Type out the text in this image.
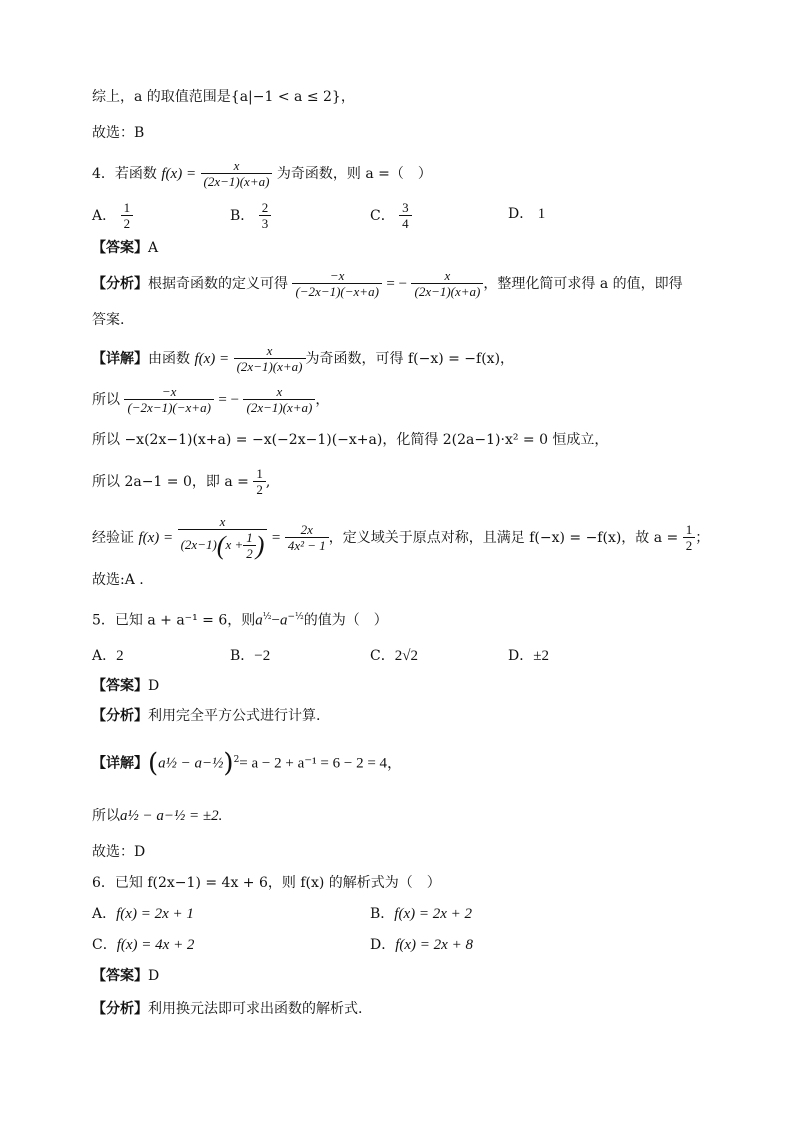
综上，a 的取值范围是{a|−1 < a ≤ 2}，
故选：B
4．若函数 $f(x) = \frac{x}{(2x-1)(x+a)}$ 为奇函数，则 a =（　）
A． $\frac{1}{2}$	B． $\frac{2}{3}$	C． $\frac{3}{4}$	D． 1
【答案】A
【分析】根据奇函数的定义可得 $\frac{-x}{(-2x-1)(-x+a)}$ = − $\frac{x}{(2x-1)(x+a)}$ ，整理化简可求得 a 的值，即得
答案.
【详解】由函数 $f(x) = \frac{x}{(2x-1)(x+a)}$ 为奇函数，可得 f(−x) = −f(x)，
所以 $\frac{-x}{(-2x-1)(-x+a)}$ = − $\frac{x}{(2x-1)(x+a)}$ ，
所以 −x(2x−1)(x+a) = −x(−2x−1)(−x+a)，化简得 2(2a−1)·x² = 0 恒成立，
所以 2a−1 = 0，即 $a = \frac{1}{2}$ ,
经验证 $f(x) = \frac{x}{(2x-1)(x + \frac{1}{2} )} = \frac{2x}{\text{4x² − 1}}$ ，定义域关于原点对称，且满足 f(−x) = −f(x)，故 $a = \frac{1}{2}$ ；
故选:A .
5．已知 a + a⁻¹ = 6，则$a^{\frac{1}{2}}-a^{-\frac{1}{2}}$的值为（　）
A．2	B．−2	C．2√2	D．±2
【答案】D
【分析】利用完全平方公式进行计算.
【详解】(a½ − a−½)$^2$= a − 2 + a⁻¹ = 6 − 2 = 4，
所以a½ − a−½ = ±2.
故选：D
6．已知 f(2x−1) = 4x + 6，则 f(x) 的解析式为（　）
A．f(x) = 2x + 1	B．f(x) = 2x + 2
C．f(x) = 4x + 2	D．f(x) = 2x + 8
【答案】D
【分析】利用换元法即可求出函数的解析式.
